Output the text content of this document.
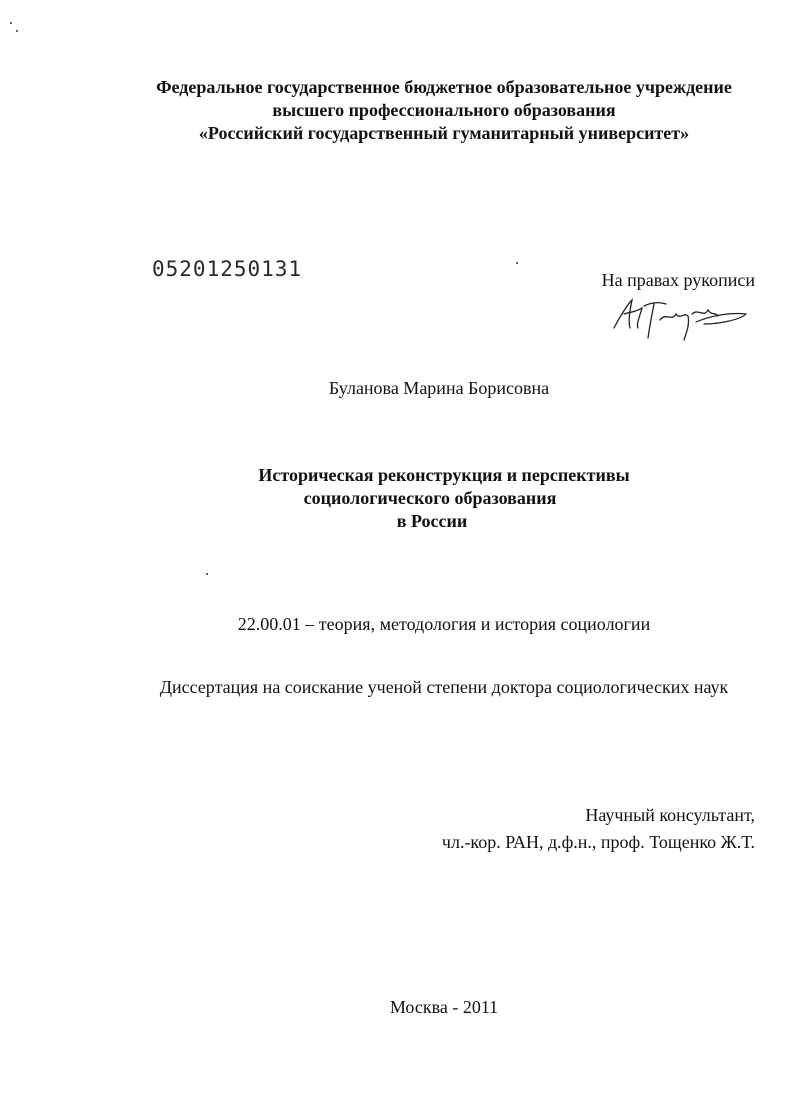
Федеральное государственное бюджетное образовательное учреждение
высшего профессионального образования
«Российский государственный гуманитарный университет»
05201250131	На правах рукописи
Буланова Марина Борисовна
Историческая реконструкция и перспективы
социологического образования
в России
22.00.01 – теория, методология и история социологии
Диссертация на соискание ученой степени доктора социологических наук
Научный консультант,
чл.-кор. РАН, д.ф.н., проф. Тощенко Ж.Т.
Москва - 2011
